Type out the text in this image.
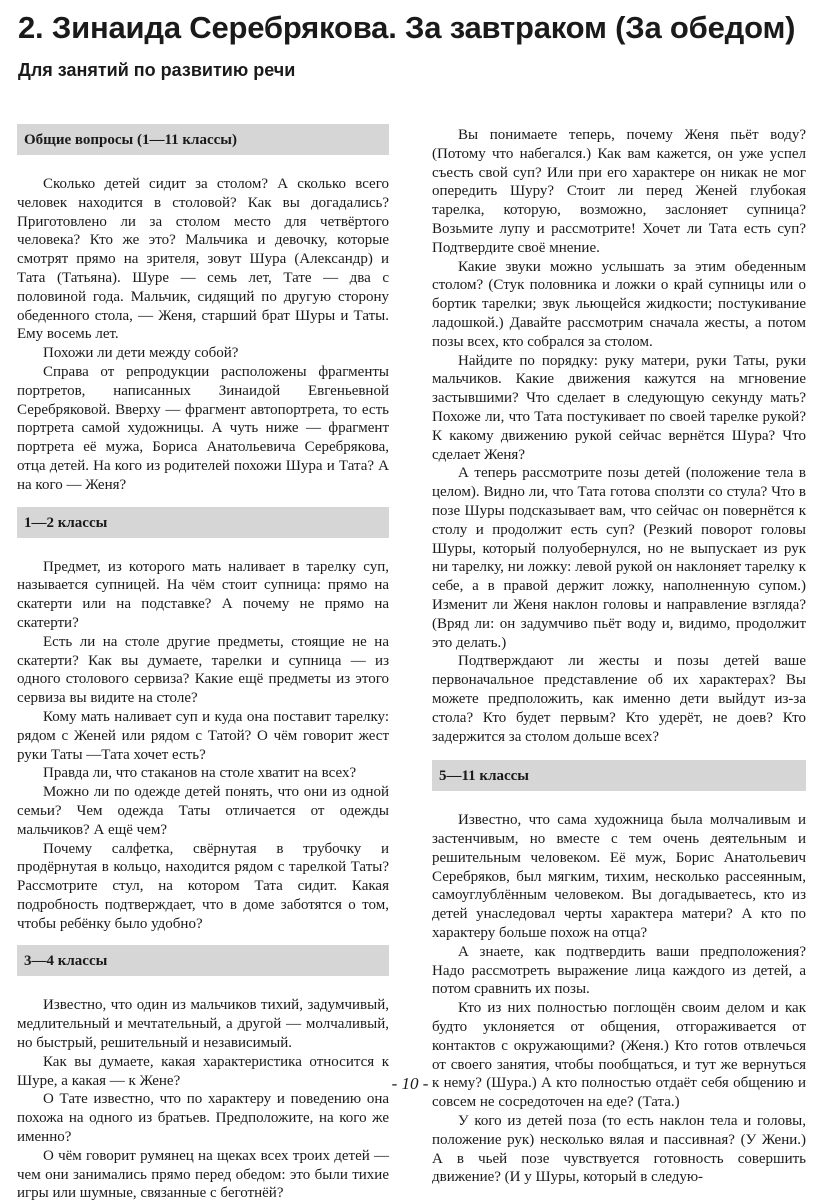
2. Зинаида Серебрякова. За завтраком (За обедом)
Для занятий по развитию речи
Общие вопросы (1—11 классы)

Сколько детей сидит за столом? А сколько всего человек находится в столовой? Как вы догадались? Приготовлено ли за столом место для четвёртого человека? Кто же это? Мальчика и девочку, которые смотрят прямо на зрителя, зовут Шура (Александр) и Тата (Татьяна). Шуре — семь лет, Тате — два с половиной года. Мальчик, сидящий по другую сторону обеденного стола, — Женя, старший брат Шуры и Таты. Ему восемь лет.

Похожи ли дети между собой?

Справа от репродукции расположены фрагменты портретов, написанных Зинаидой Евгеньевной Серебряковой. Вверху — фрагмент автопортрета, то есть портрета самой художницы. А чуть ниже — фрагмент портрета её мужа, Бориса Анатольевича Серебрякова, отца детей. На кого из родителей похожи Шура и Тата? А на кого — Женя?

1—2 классы

Предмет, из которого мать наливает в тарелку суп, называется супницей. На чём стоит супница: прямо на скатерти или на подставке? А почему не прямо на скатерти?

Есть ли на столе другие предметы, стоящие не на скатерти? Как вы думаете, тарелки и супница — из одного столового сервиза? Какие ещё предметы из этого сервиза вы видите на столе?

Кому мать наливает суп и куда она поставит тарелку: рядом с Женей или рядом с Татой? О чём говорит жест руки Таты —Тата хочет есть?

Правда ли, что стаканов на столе хватит на всех?

Можно ли по одежде детей понять, что они из одной семьи? Чем одежда Таты отличается от одежды мальчиков? А ещё чем?

Почему салфетка, свёрнутая в трубочку и продёрнутая в кольцо, находится рядом с тарелкой Таты? Рассмотрите стул, на котором Тата сидит. Какая подробность подтверждает, что в доме заботятся о том, чтобы ребёнку было удобно?

3—4 классы

Известно, что один из мальчиков тихий, задумчивый, медлительный и мечтательный, а другой — молчаливый, но быстрый, решительный и независимый.

Как вы думаете, какая характеристика относится к Шуре, а какая — к Жене?

О Тате известно, что по характеру и поведению она похожа на одного из братьев. Предположите, на кого же именно?

О чём говорит румянец на щеках всех троих детей — чем они занимались прямо перед обедом: это были тихие игры или шумные, связанные с беготнёй?

Вы понимаете теперь, почему Женя пьёт воду? (Потому что набегался.) Как вам кажется, он уже успел съесть свой суп? Или при его характере он никак не мог опередить Шуру? Стоит ли перед Женей глубокая тарелка, которую, возможно, заслоняет супница? Возьмите лупу и рассмотрите! Хочет ли Тата есть суп? Подтвердите своё мнение.

Какие звуки можно услышать за этим обеденным столом? (Стук половника и ложки о край супницы или о бортик тарелки; звук льющейся жидкости; постукивание ладошкой.) Давайте рассмотрим сначала жесты, а потом позы всех, кто собрался за столом.

Найдите по порядку: руку матери, руки Таты, руки мальчиков. Какие движения кажутся на мгновение застывшими? Что сделает в следующую секунду мать? Похоже ли, что Тата постукивает по своей тарелке рукой? К какому движению рукой сейчас вернётся Шура? Что сделает Женя?

А теперь рассмотрите позы детей (положение тела в целом). Видно ли, что Тата готова сползти со стула? Что в позе Шуры подсказывает вам, что сейчас он повернётся к столу и продолжит есть суп? (Резкий поворот головы Шуры, который полуобернулся, но не выпускает из рук ни тарелку, ни ложку: левой рукой он наклоняет тарелку к себе, а в правой держит ложку, наполненную супом.) Изменит ли Женя наклон головы и направление взгляда? (Вряд ли: он задумчиво пьёт воду и, видимо, продолжит это делать.)

Подтверждают ли жесты и позы детей ваше первоначальное представление об их характерах? Вы можете предположить, как именно дети выйдут из-за стола? Кто будет первым? Кто удерёт, не доев? Кто задержится за столом дольше всех?

5—11 классы

Известно, что сама художница была молчаливым и застенчивым, но вместе с тем очень деятельным и решительным человеком. Её муж, Борис Анатольевич Серебряков, был мягким, тихим, несколько рассеянным, самоуглублённым человеком. Вы догадываетесь, кто из детей унаследовал черты характера матери? А кто по характеру больше похож на отца?

А знаете, как подтвердить ваши предположения? Надо рассмотреть выражение лица каждого из детей, а потом сравнить их позы.

Кто из них полностью поглощён своим делом и как будто уклоняется от общения, отгораживается от контактов с окружающими? (Женя.) Кто готов отвлечься от своего занятия, чтобы пообщаться, и тут же вернуться к нему? (Шура.) А кто полностью отдаёт себя общению и совсем не сосредоточен на еде? (Тата.)

У кого из детей поза (то есть наклон тела и головы, положение рук) несколько вялая и пассивная? (У Жени.) А в чьей позе чувствуется готовность совершить движение? (И у Шуры, который в следую-

- 10 -
